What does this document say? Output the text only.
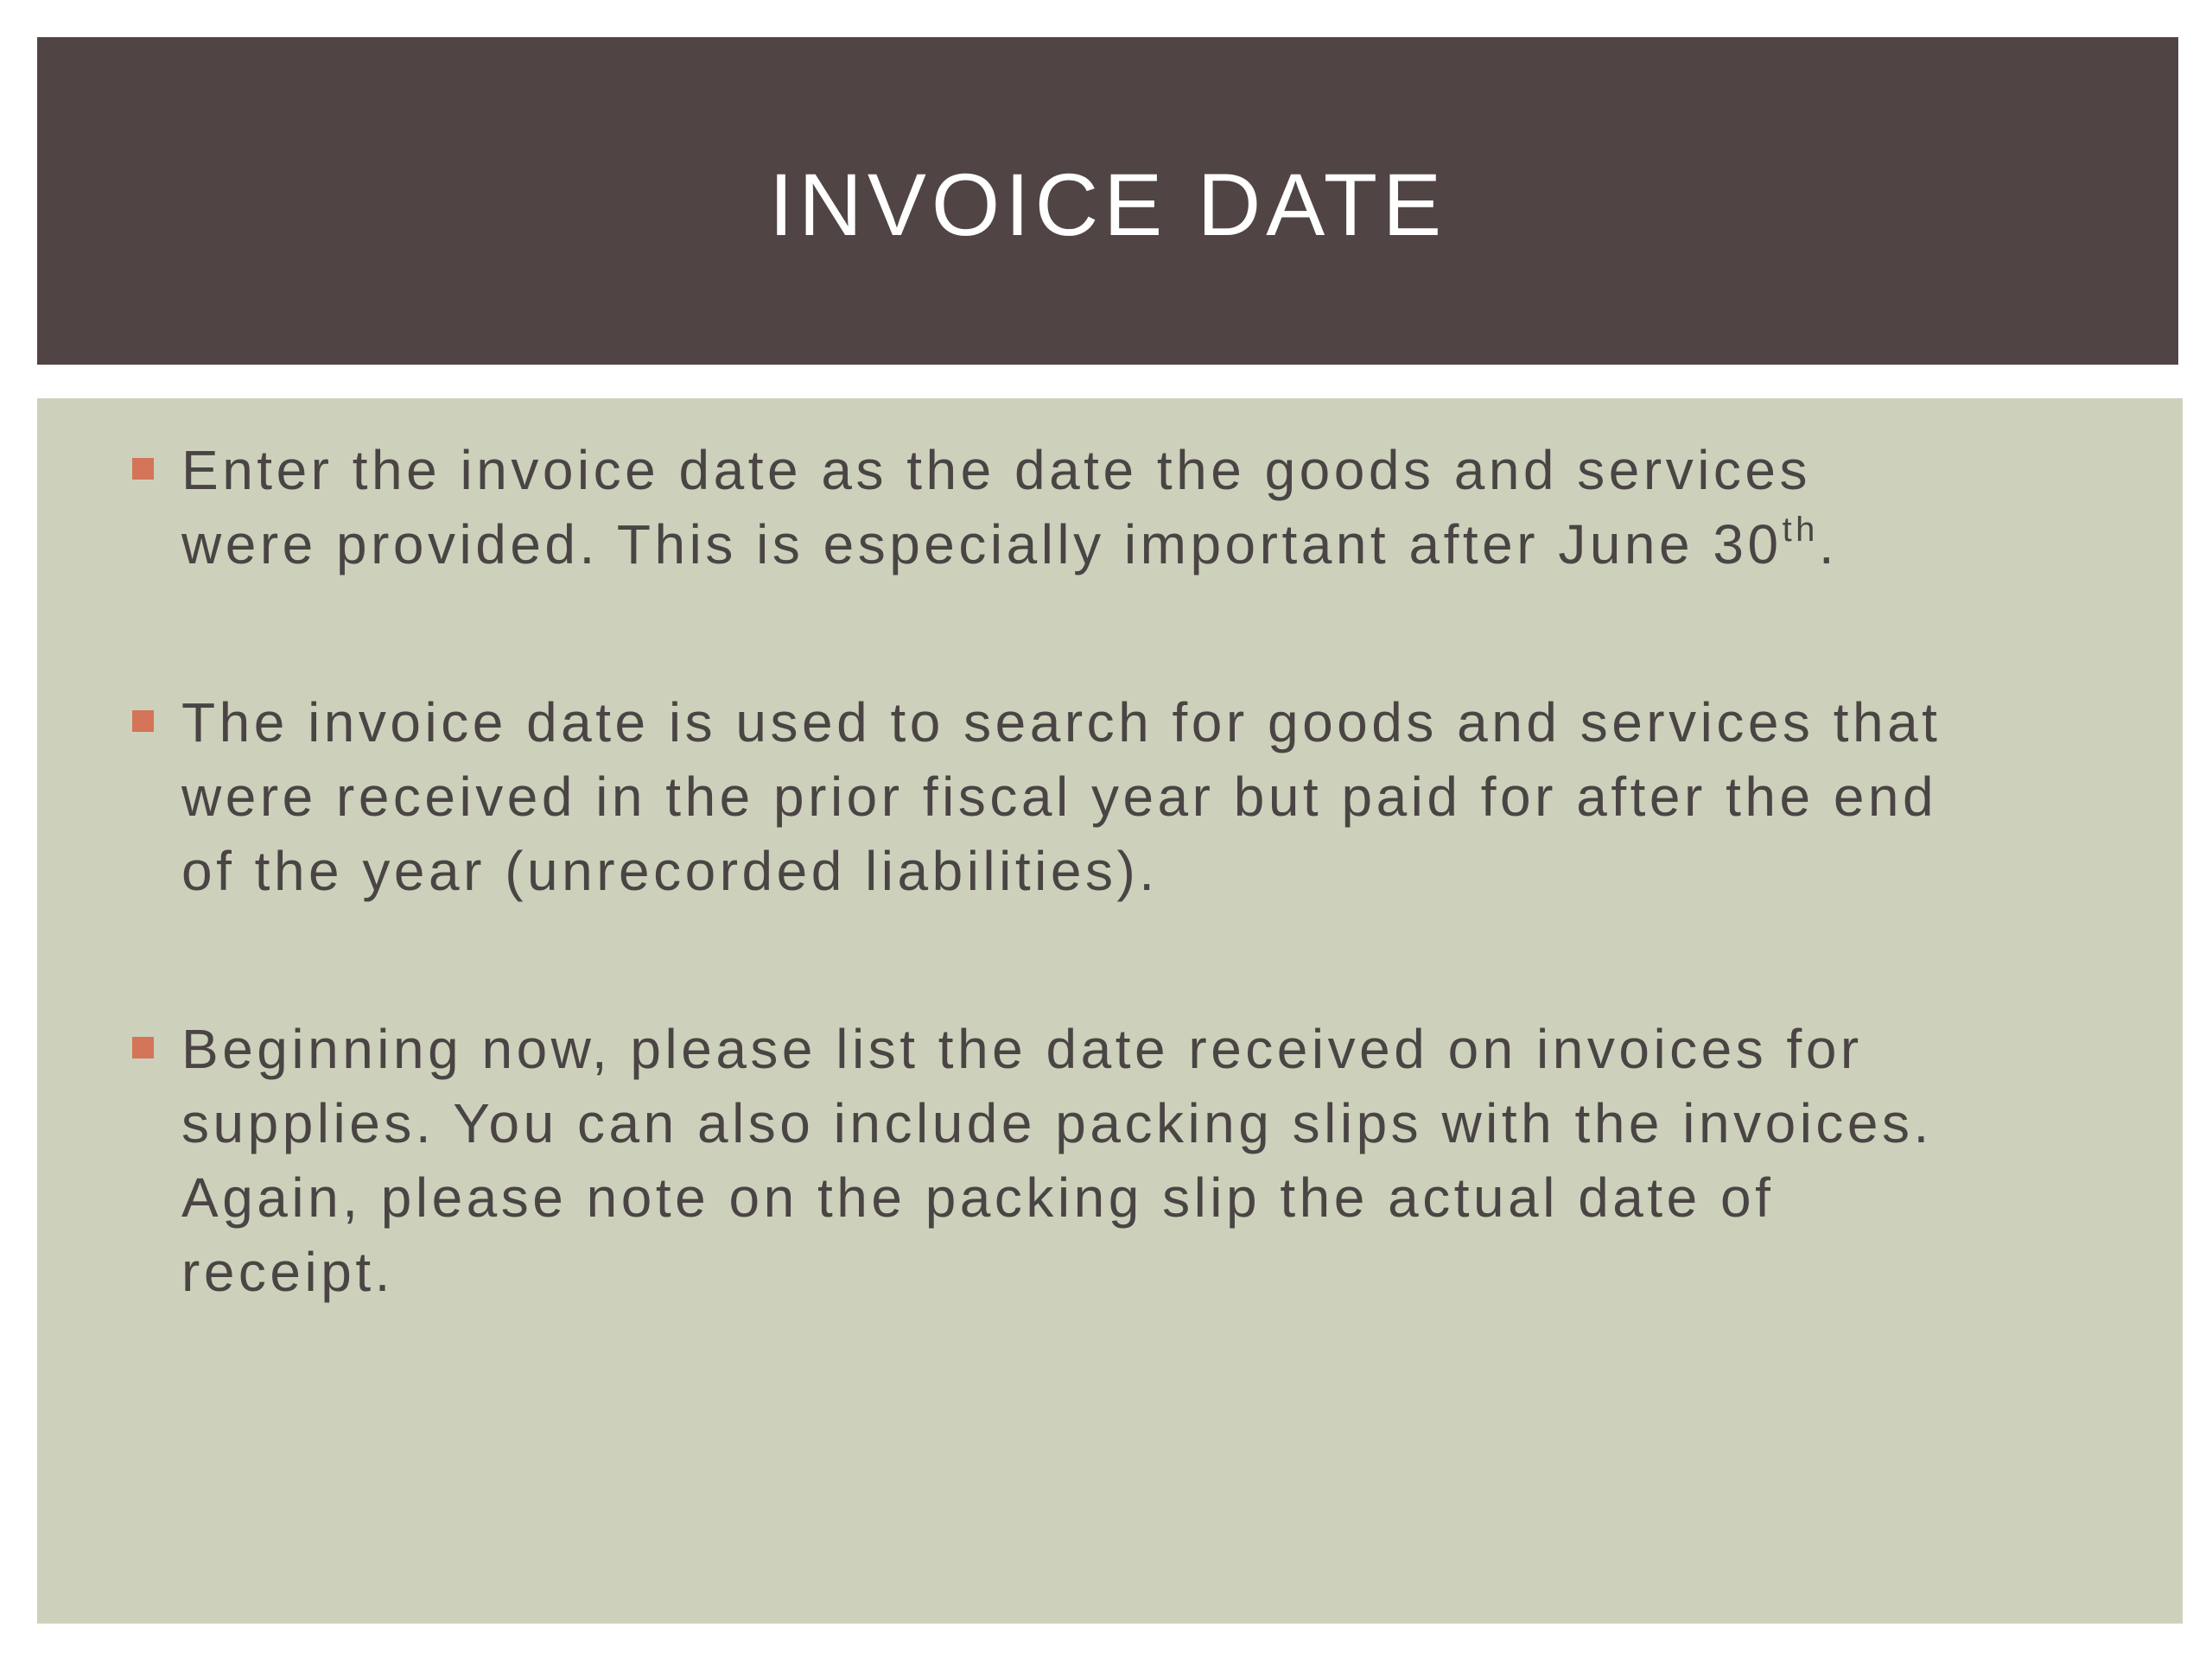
INVOICE DATE

Enter the invoice date as the date the goods and services
were provided. This is especially important after June 30th.

The invoice date is used to search for goods and services that
were received in the prior fiscal year but paid for after the end
of the year (unrecorded liabilities).

Beginning now, please list the date received on invoices for
supplies. You can also include packing slips with the invoices.
Again, please note on the packing slip the actual date of
receipt.
